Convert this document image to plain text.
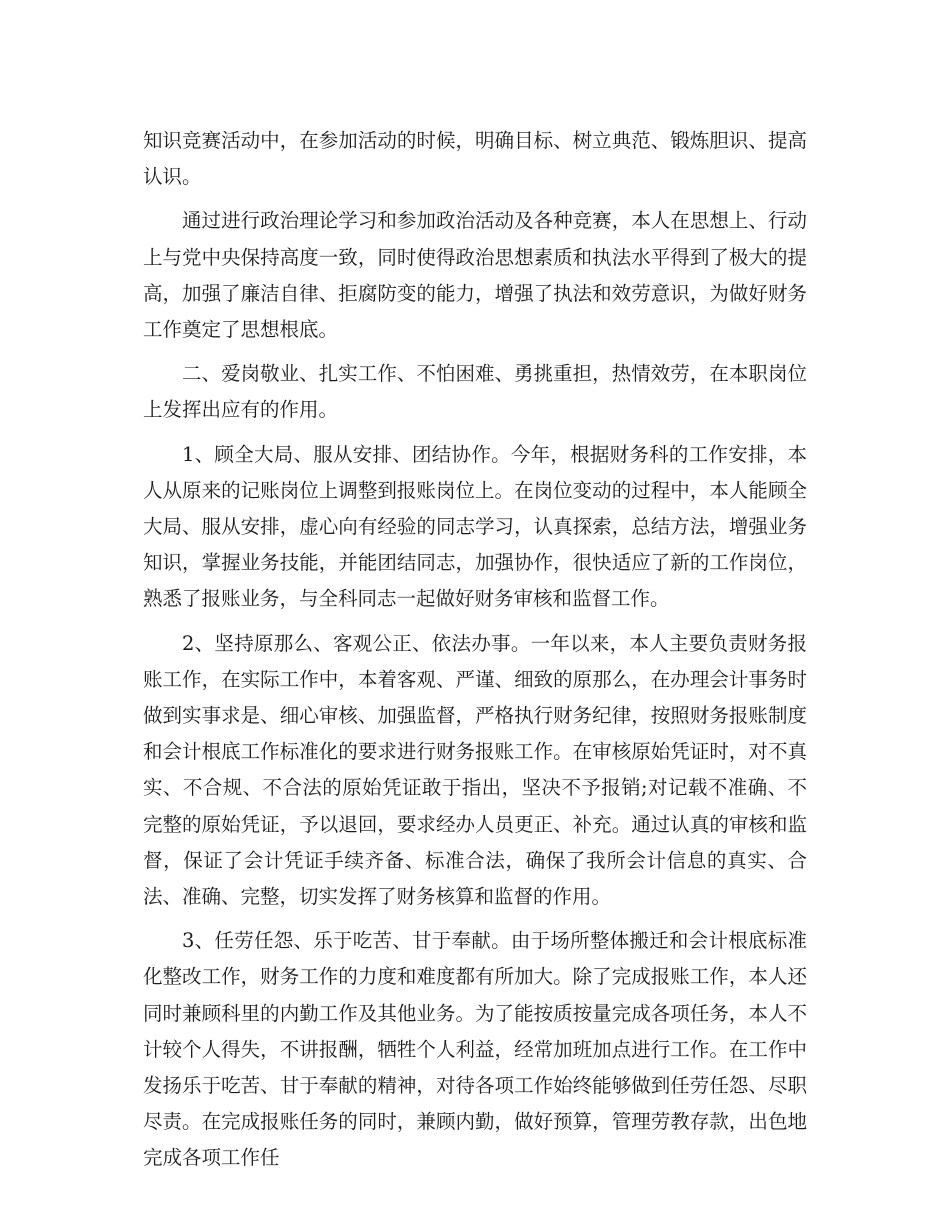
知识竞赛活动中，在参加活动的时候，明确目标、树立典范、锻炼胆识、提高认识。

通过进行政治理论学习和参加政治活动及各种竞赛，本人在思想上、行动上与党中央保持高度一致，同时使得政治思想素质和执法水平得到了极大的提高，加强了廉洁自律、拒腐防变的能力，增强了执法和效劳意识，为做好财务工作奠定了思想根底。

二、爱岗敬业、扎实工作、不怕困难、勇挑重担，热情效劳，在本职岗位上发挥出应有的作用。

1、顾全大局、服从安排、团结协作。今年，根据财务科的工作安排，本人从原来的记账岗位上调整到报账岗位上。在岗位变动的过程中，本人能顾全大局、服从安排，虚心向有经验的同志学习，认真探索，总结方法，增强业务知识，掌握业务技能，并能团结同志，加强协作，很快适应了新的工作岗位，熟悉了报账业务，与全科同志一起做好财务审核和监督工作。

2、坚持原那么、客观公正、依法办事。一年以来，本人主要负责财务报账工作，在实际工作中，本着客观、严谨、细致的原那么，在办理会计事务时做到实事求是、细心审核、加强监督，严格执行财务纪律，按照财务报账制度和会计根底工作标准化的要求进行财务报账工作。在审核原始凭证时，对不真实、不合规、不合法的原始凭证敢于指出，坚决不予报销;对记载不准确、不完整的原始凭证，予以退回，要求经办人员更正、补充。通过认真的审核和监督，保证了会计凭证手续齐备、标准合法，确保了我所会计信息的真实、合法、准确、完整，切实发挥了财务核算和监督的作用。

3、任劳任怨、乐于吃苦、甘于奉献。由于场所整体搬迁和会计根底标准化整改工作，财务工作的力度和难度都有所加大。除了完成报账工作，本人还同时兼顾科里的内勤工作及其他业务。为了能按质按量完成各项任务，本人不计较个人得失，不讲报酬，牺牲个人利益，经常加班加点进行工作。在工作中发扬乐于吃苦、甘于奉献的精神，对待各项工作始终能够做到任劳任怨、尽职尽责。在完成报账任务的同时，兼顾内勤，做好预算，管理劳教存款，出色地完成各项工作任
